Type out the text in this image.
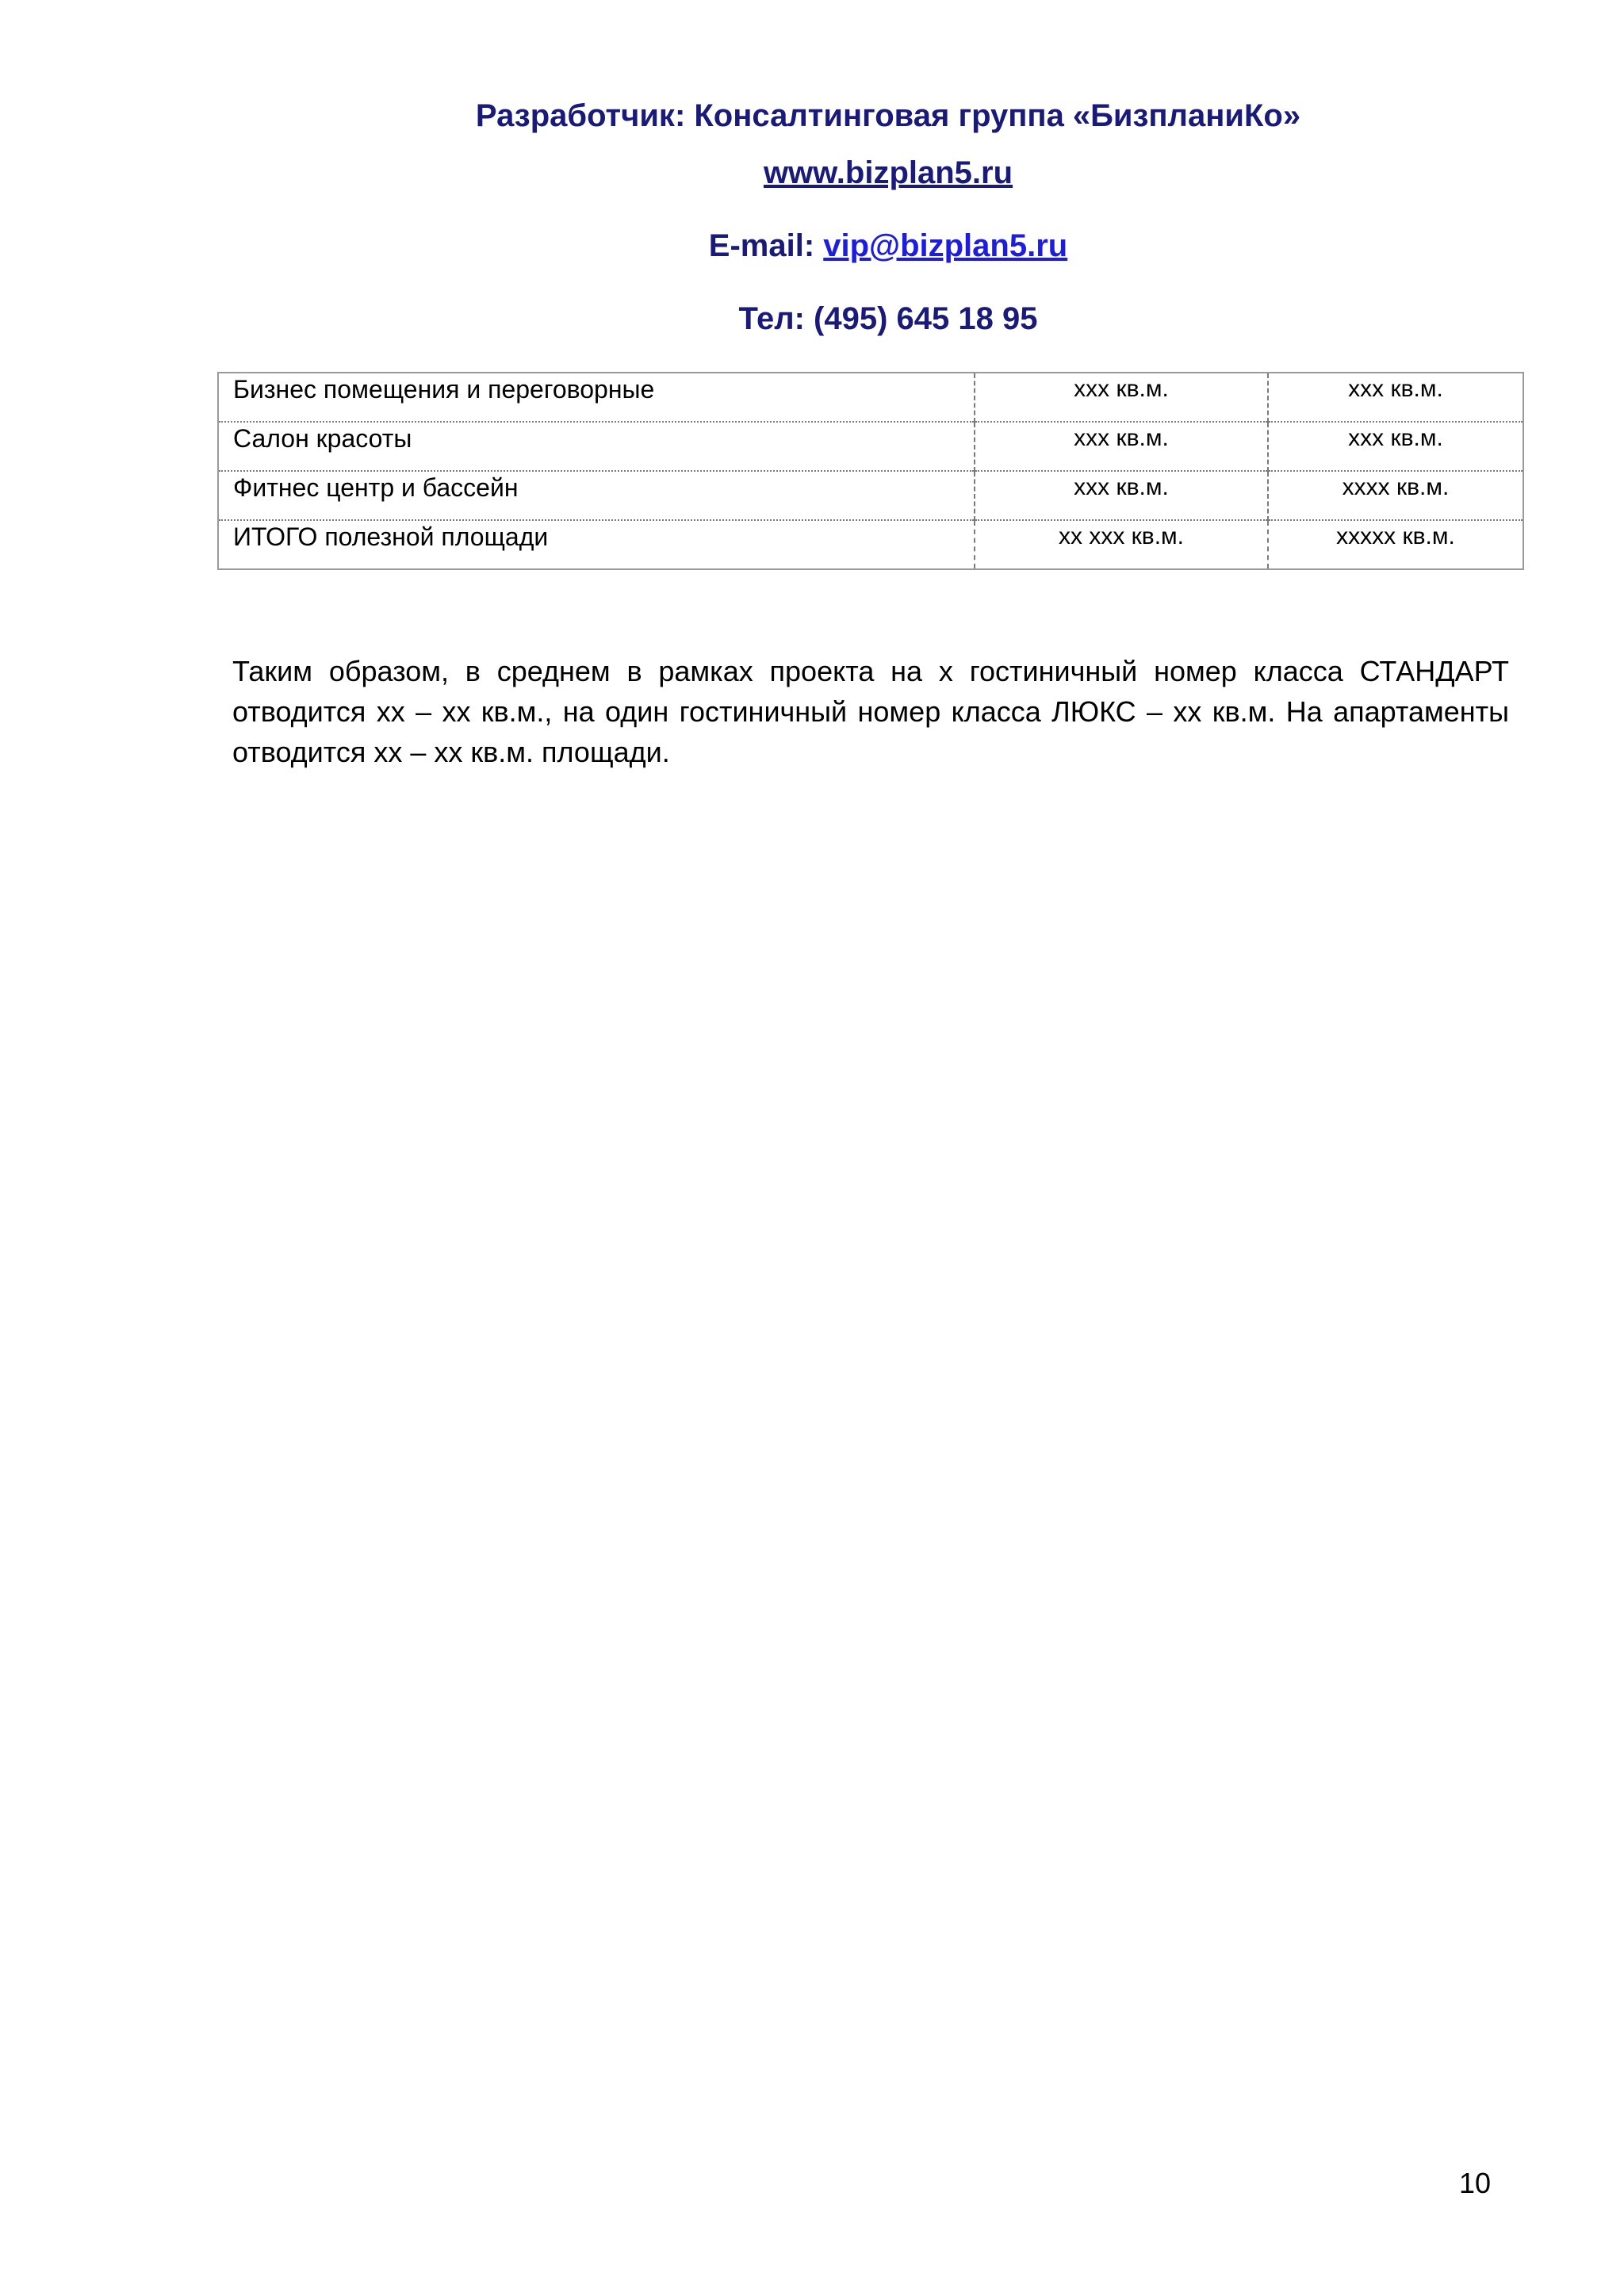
Разработчик: Консалтинговая группа «БизпланиКо»
www.bizplan5.ru
E-mail: vip@bizplan5.ru
Тел: (495) 645 18 95
Бизнес помещения и переговорные	ххх кв.м.	ххх кв.м.
Салон красоты	ххх кв.м.	ххх кв.м.
Фитнес центр и бассейн	ххх кв.м.	хххх кв.м.
ИТОГО полезной площади	хх ххх кв.м.	ххххх кв.м.

Таким образом, в среднем в рамках проекта на х гостиничный номер класса СТАНДАРТ отводится хх – хх кв.м., на один гостиничный номер класса ЛЮКС – хх кв.м. На апартаменты отводится хх – хх кв.м. площади.

10
